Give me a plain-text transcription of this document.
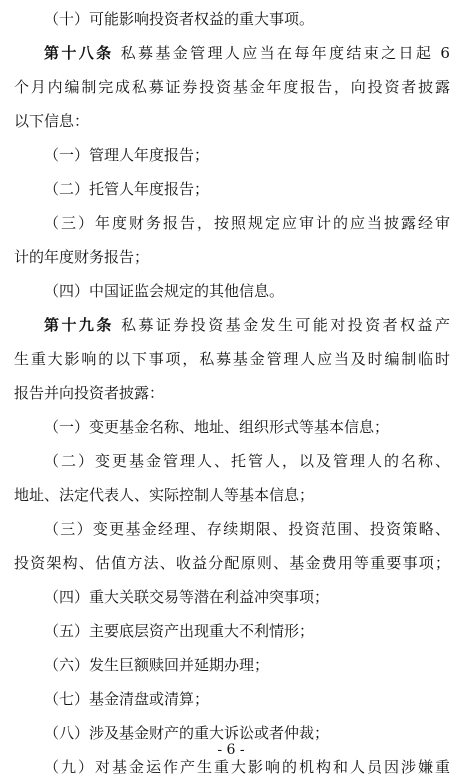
（十）可能影响投资者权益的重大事项。
第十八条 私募基金管理人应当在每年度结束之日起 6
个月内编制完成私募证券投资基金年度报告，向投资者披露
以下信息：
（一）管理人年度报告；
（二）托管人年度报告；
（三）年度财务报告，按照规定应审计的应当披露经审
计的年度财务报告；
（四）中国证监会规定的其他信息。
第十九条 私募证券投资基金发生可能对投资者权益产
生重大影响的以下事项，私募基金管理人应当及时编制临时
报告并向投资者披露：
（一）变更基金名称、地址、组织形式等基本信息；
（二）变更基金管理人、托管人，以及管理人的名称、
地址、法定代表人、实际控制人等基本信息；
（三）变更基金经理、存续期限、投资范围、投资策略、
投资架构、估值方法、收益分配原则、基金费用等重要事项；
（四）重大关联交易等潜在利益冲突事项；
（五）主要底层资产出现重大不利情形；
（六）发生巨额赎回并延期办理；
（七）基金清盘或清算；
（八）涉及基金财产的重大诉讼或者仲裁；
（九）对基金运作产生重大影响的机构和人员因涉嫌重
- 6 -
